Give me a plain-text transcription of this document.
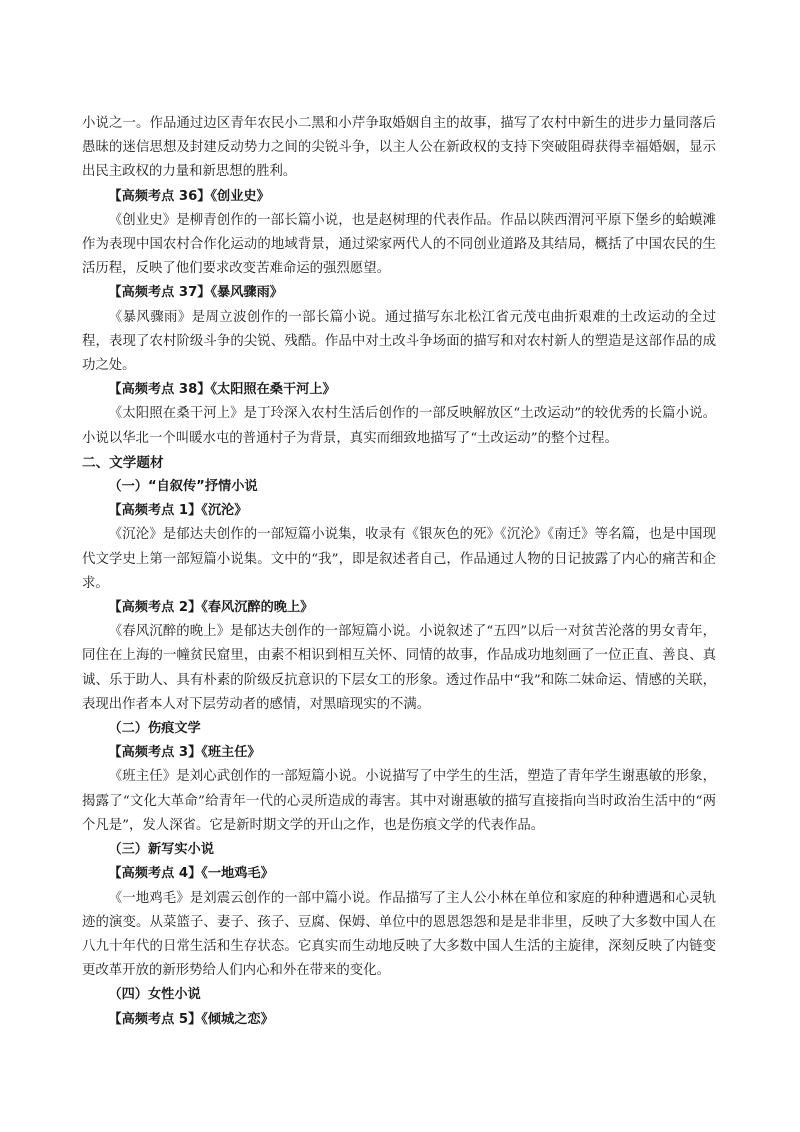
小说之一。作品通过边区青年农民小二黑和小芹争取婚姻自主的故事，描写了农村中新生的进步力量同落后愚昧的迷信思想及封建反动势力之间的尖锐斗争，以主人公在新政权的支持下突破阻碍获得幸福婚姻，显示出民主政权的力量和新思想的胜利。

【高频考点 36】《创业史》

《创业史》是柳青创作的一部长篇小说，也是赵树理的代表作品。作品以陕西渭河平原下堡乡的蛤蟆滩作为表现中国农村合作化运动的地域背景，通过梁家两代人的不同创业道路及其结局，概括了中国农民的生活历程，反映了他们要求改变苦难命运的强烈愿望。

【高频考点 37】《暴风骤雨》

《暴风骤雨》是周立波创作的一部长篇小说。通过描写东北松江省元茂屯曲折艰难的土改运动的全过程，表现了农村阶级斗争的尖锐、残酷。作品中对土改斗争场面的描写和对农村新人的塑造是这部作品的成功之处。

【高频考点 38】《太阳照在桑干河上》

《太阳照在桑干河上》是丁玲深入农村生活后创作的一部反映解放区“土改运动”的较优秀的长篇小说。小说以华北一个叫暖水屯的普通村子为背景，真实而细致地描写了“土改运动”的整个过程。

二、文学题材

（一）“自叙传”抒情小说

【高频考点 1】《沉沦》

《沉沦》是郁达夫创作的一部短篇小说集，收录有《银灰色的死》《沉沦》《南迁》等名篇，也是中国现代文学史上第一部短篇小说集。文中的“我”，即是叙述者自己，作品通过人物的日记披露了内心的痛苦和企求。

【高频考点 2】《春风沉醉的晚上》

《春风沉醉的晚上》是郁达夫创作的一部短篇小说。小说叙述了“五四”以后一对贫苦沦落的男女青年，同住在上海的一幢贫民窟里，由素不相识到相互关怀、同情的故事，作品成功地刻画了一位正直、善良、真诚、乐于助人、具有朴素的阶级反抗意识的下层女工的形象。透过作品中“我”和陈二妹命运、情感的关联，表现出作者本人对下层劳动者的感情，对黑暗现实的不满。

（二）伤痕文学

【高频考点 3】《班主任》

《班主任》是刘心武创作的一部短篇小说。小说描写了中学生的生活，塑造了青年学生谢惠敏的形象，揭露了“文化大革命”给青年一代的心灵所造成的毒害。其中对谢惠敏的描写直接指向当时政治生活中的“两个凡是”，发人深省。它是新时期文学的开山之作，也是伤痕文学的代表作品。

（三）新写实小说

【高频考点 4】《一地鸡毛》

《一地鸡毛》是刘震云创作的一部中篇小说。作品描写了主人公小林在单位和家庭的种种遭遇和心灵轨迹的演变。从菜篮子、妻子、孩子、豆腐、保姆、单位中的恩恩怨怨和是是非非里，反映了大多数中国人在八九十年代的日常生活和生存状态。它真实而生动地反映了大多数中国人生活的主旋律，深刻反映了内链变更改革开放的新形势给人们内心和外在带来的变化。

（四）女性小说

【高频考点 5】《倾城之恋》
